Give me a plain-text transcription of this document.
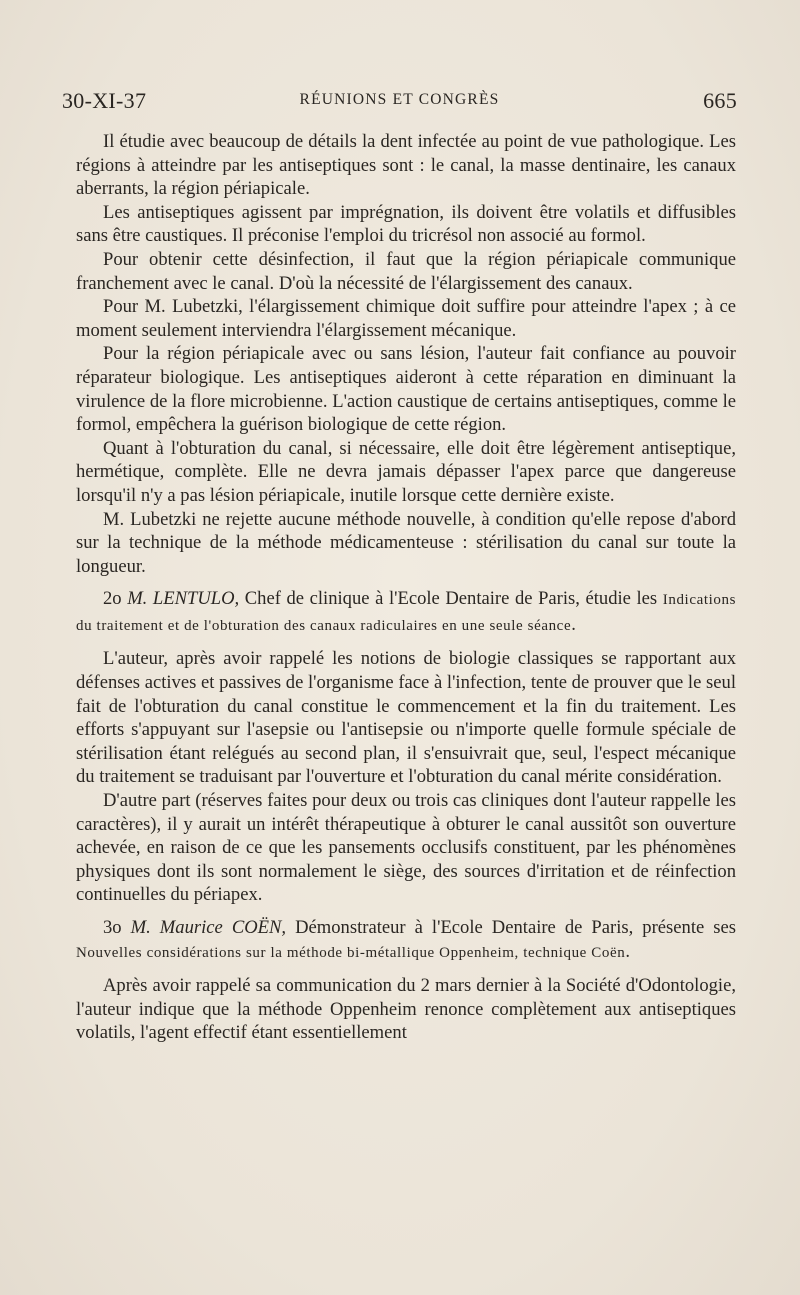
30-XI-37	RÉUNIONS ET CONGRÈS	665

Il étudie avec beaucoup de détails la dent infectée au point de vue pathologique. Les régions à atteindre par les antiseptiques sont : le canal, la masse dentinaire, les canaux aberrants, la région périapicale.

Les antiseptiques agissent par imprégnation, ils doivent être volatils et diffusibles sans être caustiques. Il préconise l'emploi du tricrésol non associé au formol.

Pour obtenir cette désinfection, il faut que la région périapicale communique franchement avec le canal. D'où la nécessité de l'élargissement des canaux.

Pour M. Lubetzki, l'élargissement chimique doit suffire pour atteindre l'apex ; à ce moment seulement interviendra l'élargissement mécanique.

Pour la région périapicale avec ou sans lésion, l'auteur fait confiance au pouvoir réparateur biologique. Les antiseptiques aideront à cette réparation en diminuant la virulence de la flore microbienne. L'action caustique de certains antiseptiques, comme le formol, empêchera la guérison biologique de cette région.

Quant à l'obturation du canal, si nécessaire, elle doit être légèrement antiseptique, hermétique, complète. Elle ne devra jamais dépasser l'apex parce que dangereuse lorsqu'il n'y a pas lésion périapicale, inutile lorsque cette dernière existe.

M. Lubetzki ne rejette aucune méthode nouvelle, à condition qu'elle repose d'abord sur la technique de la méthode médicamenteuse : stérilisation du canal sur toute la longueur.

2o M. LENTULO, Chef de clinique à l'Ecole Dentaire de Paris, étudie les Indications du traitement et de l'obturation des canaux radiculaires en une seule séance.

L'auteur, après avoir rappelé les notions de biologie classiques se rapportant aux défenses actives et passives de l'organisme face à l'infection, tente de prouver que le seul fait de l'obturation du canal constitue le commencement et la fin du traitement. Les efforts s'appuyant sur l'asepsie ou l'antisepsie ou n'importe quelle formule spéciale de stérilisation étant relégués au second plan, il s'ensuivrait que, seul, l'espect mécanique du traitement se traduisant par l'ouverture et l'obturation du canal mérite considération.

D'autre part (réserves faites pour deux ou trois cas cliniques dont l'auteur rappelle les caractères), il y aurait un intérêt thérapeutique à obturer le canal aussitôt son ouverture achevée, en raison de ce que les pansements occlusifs constituent, par les phénomènes physiques dont ils sont normalement le siège, des sources d'irritation et de réinfection continuelles du périapex.

3o M. Maurice COËN, Démonstrateur à l'Ecole Dentaire de Paris, présente ses Nouvelles considérations sur la méthode bi-métallique Oppenheim, technique Coën.

Après avoir rappelé sa communication du 2 mars dernier à la Société d'Odontologie, l'auteur indique que la méthode Oppenheim renonce complètement aux antiseptiques volatils, l'agent effectif étant essentiellement
